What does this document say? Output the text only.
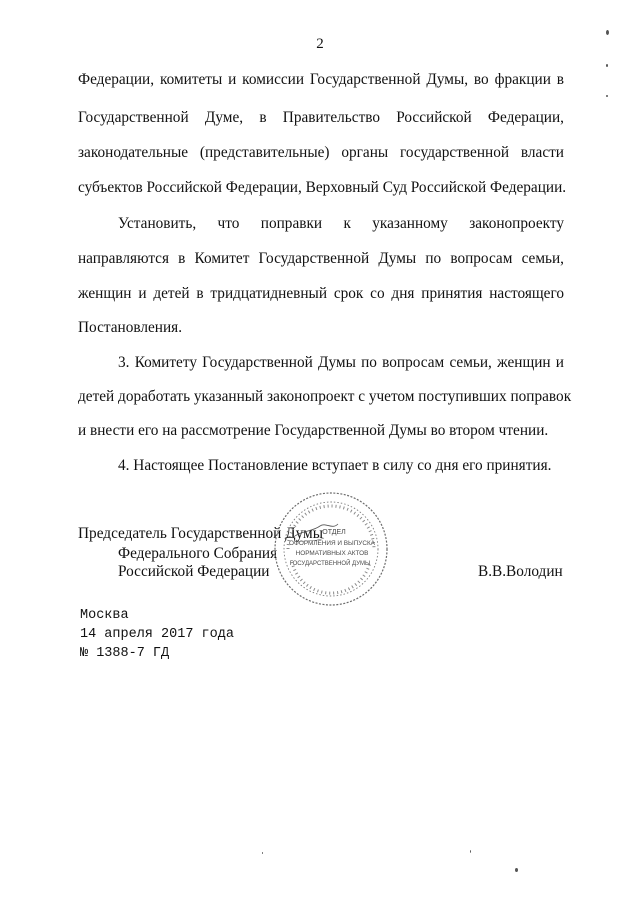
2
Федерации, комитеты и комиссии Государственной Думы, во фракции в
Государственной Думе, в Правительство Российской Федерации,
законодательные (представительные) органы государственной власти
субъектов Российской Федерации, Верховный Суд Российской Федерации.
Установить, что поправки к указанному законопроекту
направляются в Комитет Государственной Думы по вопросам семьи,
женщин и детей в тридцатидневный срок со дня принятия настоящего
Постановления.
3. Комитету Государственной Думы по вопросам семьи, женщин и
детей доработать указанный законопроект с учетом поступивших поправок
и внести его на рассмотрение Государственной Думы во втором чтении.
4. Настоящее Постановление вступает в силу со дня его принятия.
Председатель Государственной Думы
Федерального Собрания
Российской Федерации	В.В.Володин
ОТДЕЛ
ОФОРМЛЕНИЯ И ВЫПУСКА
НОРМАТИВНЫХ АКТОВ
ГОСУДАРСТВЕННОЙ ДУМЫ
Москва
14 апреля 2017 года
№ 1388-7 ГД
